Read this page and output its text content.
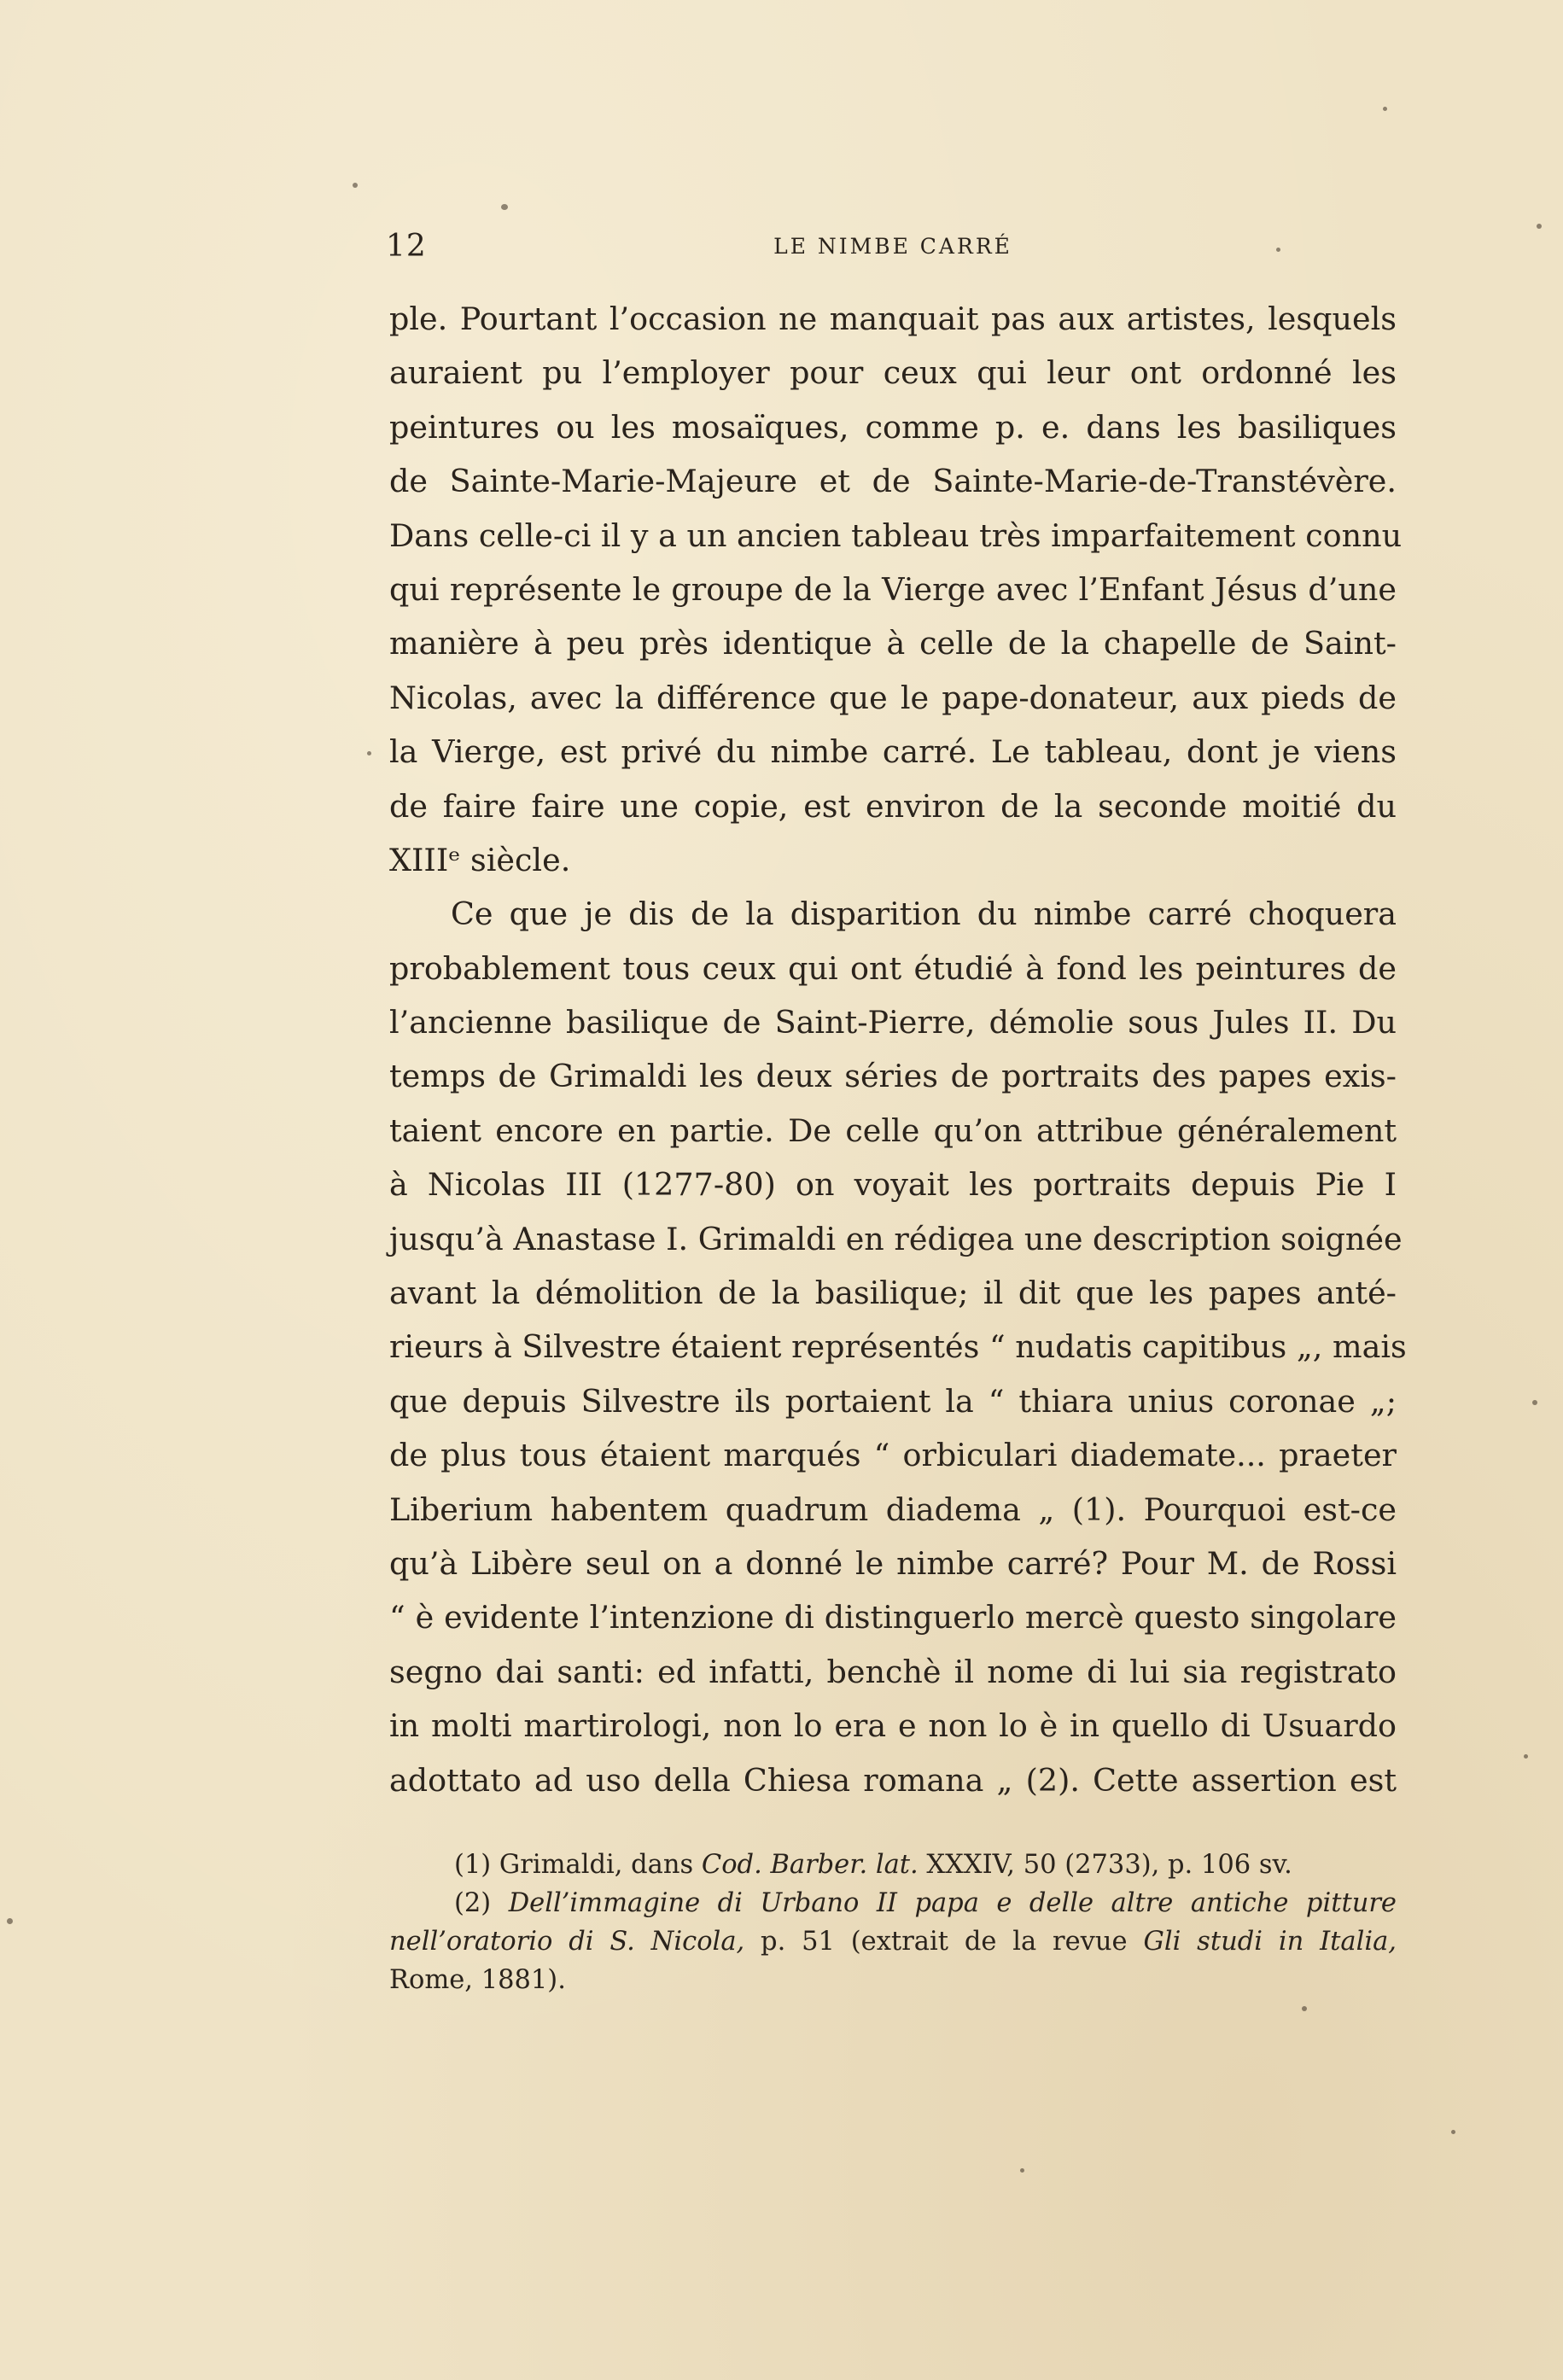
12	LE NIMBE CARRÉ
ple. Pourtant l’occasion ne manquait pas aux artistes, lesquels
auraient pu l’employer pour ceux qui leur ont ordonné les
peintures ou les mosaïques, comme p. e. dans les basiliques
de Sainte-Marie-Majeure et de Sainte-Marie-de-Transtévère.
Dans celle-ci il y a un ancien tableau très imparfaitement connu
qui représente le groupe de la Vierge avec l’Enfant Jésus d’une
manière à peu près identique à celle de la chapelle de Saint-
Nicolas, avec la différence que le pape-donateur, aux pieds de
la Vierge, est privé du nimbe carré. Le tableau, dont je viens
de faire faire une copie, est environ de la seconde moitié du
XIIIᵉ siècle.
Ce que je dis de la disparition du nimbe carré choquera
probablement tous ceux qui ont étudié à fond les peintures de
l’ancienne basilique de Saint-Pierre, démolie sous Jules II. Du
temps de Grimaldi les deux séries de portraits des papes exis-
taient encore en partie. De celle qu’on attribue généralement
à Nicolas III (1277-80) on voyait les portraits depuis Pie I
jusqu’à Anastase I. Grimaldi en rédigea une description soignée
avant la démolition de la basilique; il dit que les papes anté-
rieurs à Silvestre étaient représentés “ nudatis capitibus „, mais
que depuis Silvestre ils portaient la “ thiara unius coronae „;
de plus tous étaient marqués “ orbiculari diademate... praeter
Liberium habentem quadrum diadema „ (1). Pourquoi est-ce
qu’à Libère seul on a donné le nimbe carré? Pour M. de Rossi
“ è evidente l’intenzione di distinguerlo mercè questo singolare
segno dai santi: ed infatti, benchè il nome di lui sia registrato
in molti martirologi, non lo era e non lo è in quello di Usuardo
adottato ad uso della Chiesa romana „ (2). Cette assertion est
(1) Grimaldi, dans Cod. Barber. lat. XXXIV, 50 (2733), p. 106 sv.
(2) Dell’immagine di Urbano II papa e delle altre antiche pitture
nell’oratorio di S. Nicola, p. 51 (extrait de la revue Gli studi in Italia,
Rome, 1881).
